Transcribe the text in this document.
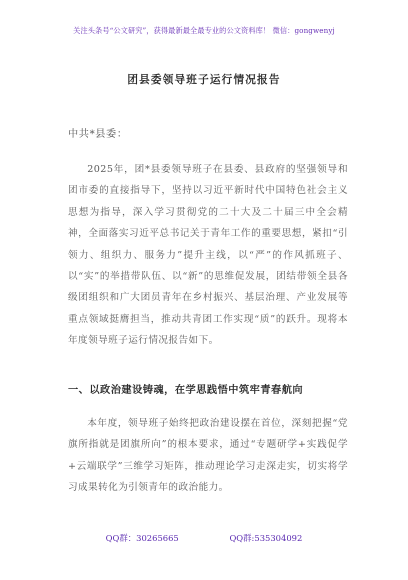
关注头条号“公文研究”，获得最新最全最专业的公文资料库！ 微信：gongwenyj
团县委领导班子运行情况报告
中共*县委：

2025年，团*县委领导班子在县委、县政府的坚强领导和团市委的直接指导下，坚持以习近平新时代中国特色社会主义思想为指导，深入学习贯彻党的二十大及二十届三中全会精神，全面落实习近平总书记关于青年工作的重要思想，紧扣“引领力、组织力、服务力”提升主线，以“严”的作风抓班子、以“实”的举措带队伍、以“新”的思维促发展，团结带领全县各级团组织和广大团员青年在乡村振兴、基层治理、产业发展等重点领域挺膺担当，推动共青团工作实现“质”的跃升。现将本年度领导班子运行情况报告如下。

一、以政治建设铸魂，在学思践悟中筑牢青春航向

本年度，领导班子始终把政治建设摆在首位，深刻把握“党旗所指就是团旗所向”的根本要求，通过“专题研学+实践促学+云端联学”三维学习矩阵，推动理论学习走深走实，切实将学习成果转化为引领青年的政治能力。

QQ群：30265665	QQ群:535304092
